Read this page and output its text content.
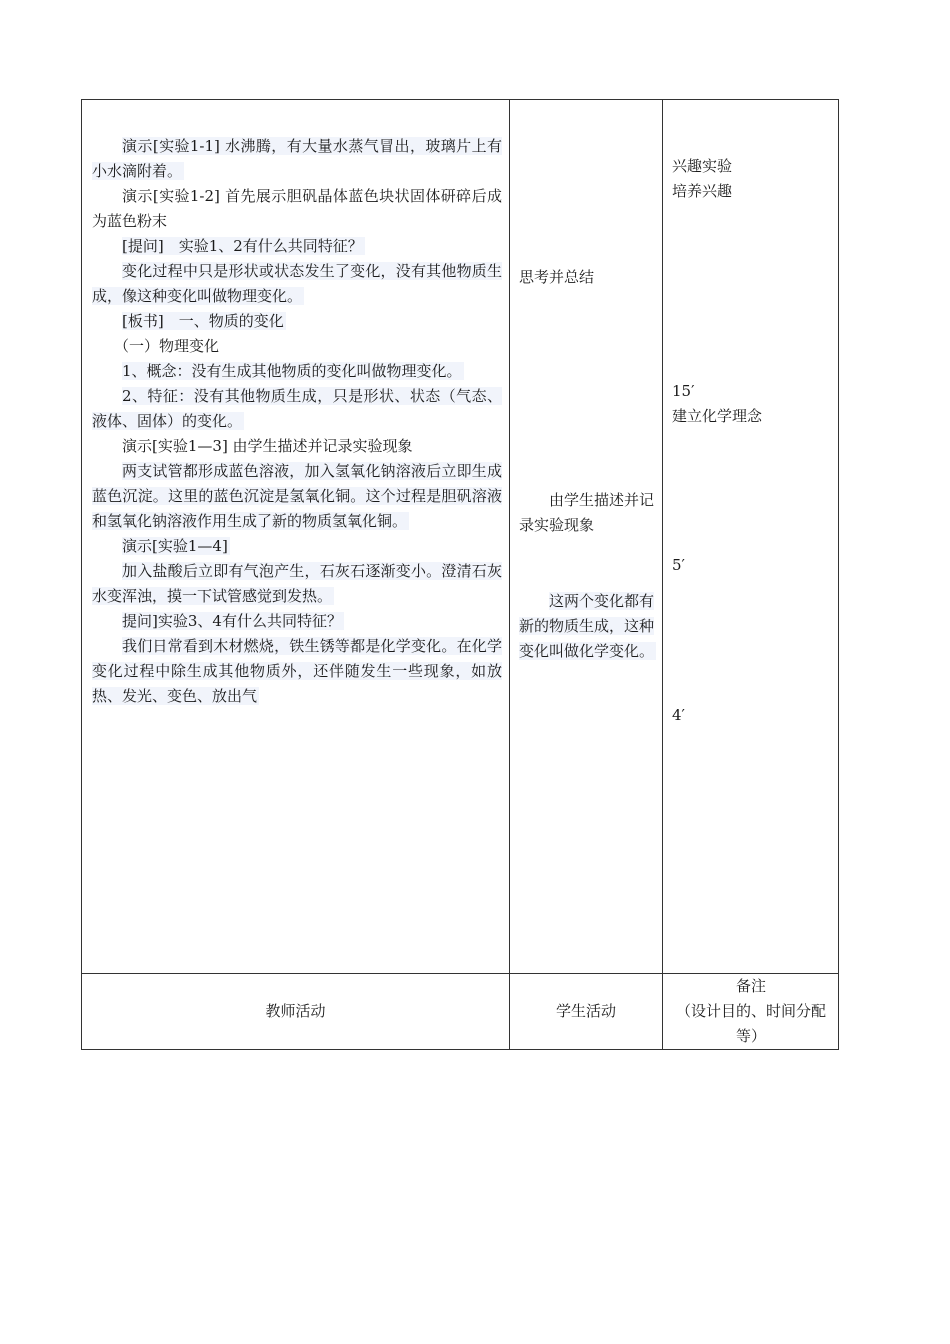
演示[实验1-1] 水沸腾，有大量水蒸气冒出，玻璃片上有小水滴附着。

演示[实验1-2] 首先展示胆矾晶体蓝色块状固体研碎后成为蓝色粉末

[提问]　实验1、2有什么共同特征？

变化过程中只是形状或状态发生了变化，没有其他物质生成，像这种变化叫做物理变化。

[板书]　一、物质的变化

（一）物理变化

1、概念：没有生成其他物质的变化叫做物理变化。

2、特征：没有其他物质生成，只是形状、状态（气态、液体、固体）的变化。

演示[实验1—3] 由学生描述并记录实验现象

两支试管都形成蓝色溶液，加入氢氧化钠溶液后立即生成蓝色沉淀。这里的蓝色沉淀是氢氧化铜。这个过程是胆矾溶液和氢氧化钠溶液作用生成了新的物质氢氧化铜。

演示[实验1—4]

加入盐酸后立即有气泡产生，石灰石逐渐变小。澄清石灰水变浑浊，摸一下试管感觉到发热。

提问]实验3、4有什么共同特征？

我们日常看到木材燃烧，铁生锈等都是化学变化。在化学变化过程中除生成其他物质外，还伴随发生一些现象，如放热、发光、变色、放出气

思考并总结
由学生描述并记录实验现象
这两个变化都有新的物质生成，这种变化叫做化学变化。
兴趣实验
培养兴趣
15′
建立化学理念
5′
4′
教师活动	学生活动
备注
（设计目的、时间分配等）
